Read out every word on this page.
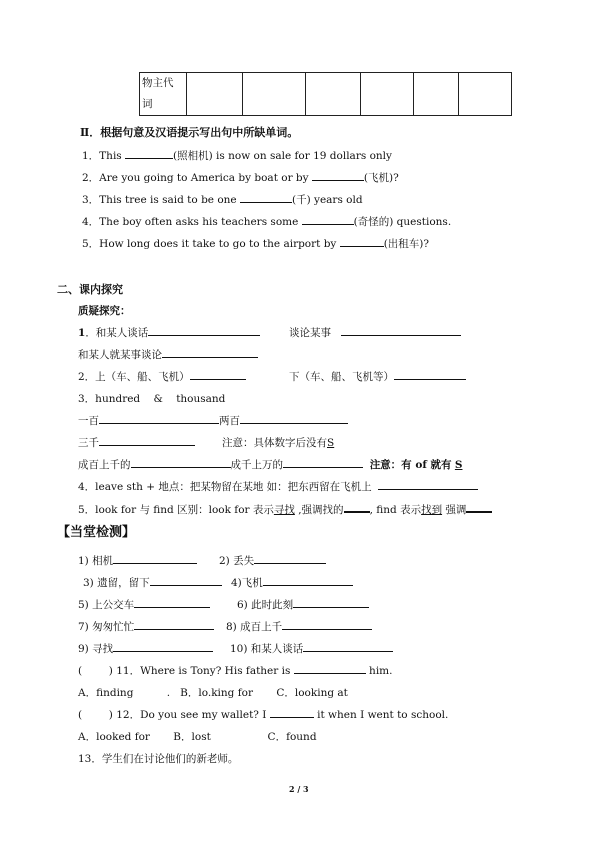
物主代
词

Ⅱ．根据句意及汉语提示写出句中所缺单词。
1．This	(照相机) is now on sale for 19 dollars only
2．Are you going to America by boat or by	(飞机)?
3．This tree is said to be one	(千) years old
4．The boy often asks his teachers some	(奇怪的) questions.
5．How long does it take to go to the airport by	(出租车)?
二、课内探究
质疑探究：
1．和某人谈话	谈论某事
和某人就某事谈论
2．上（车、船、飞机）	下（车、船、飞机等）
3．hundred    &    thousand
一百	两百
三千	注意：具体数字后没有S
成百上千的	成千上万的	注意：有 of 就有 S
4．leave sth + 地点：把某物留在某地 如：把东西留在飞机上
5．look for 与 find 区别：look for 表示寻找 ,强调找的 , find 表示找到 强调
【当堂检测】
1) 相机	2) 丢失
3) 遗留，留下	4)飞机
5) 上公交车	6) 此时此刻
7) 匆匆忙忙	8) 成百上千
9) 寻找	10) 和某人谈话
(        ) 11．Where is Tony? His father is	him.
A．finding          .   B．lo.king for       C．looking at
(        ) 12．Do you see my wallet? I	it when I went to school.
A．looked for       B．lost                 C．found
13．学生们在讨论他们的新老师。
2 / 3
